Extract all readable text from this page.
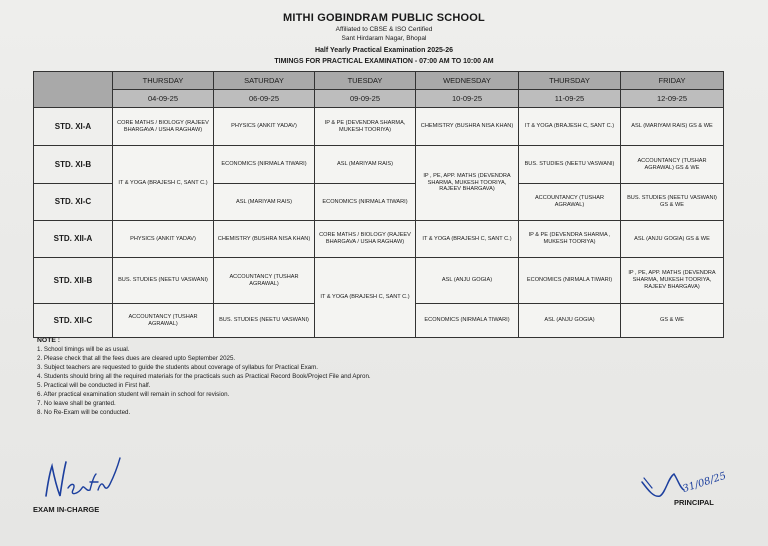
MITHI GOBINDRAM PUBLIC SCHOOL
Affiliated to CBSE & ISO Certified
Sant Hirdaram Nagar, Bhopal
Half Yearly Practical Examination 2025-26
TIMINGS FOR PRACTICAL EXAMINATION - 07:00 AM TO 10:00 AM
	THURSDAY	SATURDAY	TUESDAY	WEDNESDAY	THURSDAY	FRIDAY
	04-09-25	06-09-25	09-09-25	10-09-25	11-09-25	12-09-25
STD. XI-A	CORE MATHS / BIOLOGY (RAJEEV BHARGAVA / USHA RAGHAW)	PHYSICS (ANKIT YADAV)	IP & PE (DEVENDRA SHARMA, MUKESH TOORIYA)	CHEMISTRY (BUSHRA NISA KHAN)	IT & YOGA (BRAJESH C, SANT C.)	ASL (MARIYAM RAIS) GS & WE
STD. XI-B	IT & YOGA (BRAJESH C, SANT C.)	ECONOMICS (NIRMALA TIWARI)	ASL (MARIYAM RAIS)	IP , PE, APP. MATHS (DEVENDRA SHARMA, MUKESH TOORIYA, RAJEEV BHARGAVA)	BUS. STUDIES (NEETU VASWANI)	ACCOUNTANCY (TUSHAR AGRAWAL) GS & WE
STD. XI-C		ASL (MARIYAM RAIS)	ECONOMICS (NIRMALA TIWARI)		ACCOUNTANCY (TUSHAR AGRAWAL)	BUS. STUDIES (NEETU VASWANI) GS & WE
STD. XII-A	PHYSICS (ANKIT YADAV)	CHEMISTRY (BUSHRA NISA KHAN)	CORE MATHS / BIOLOGY (RAJEEV BHARGAVA / USHA RAGHAW)	IT & YOGA (BRAJESH C, SANT C.)	IP & PE (DEVENDRA SHARMA , MUKESH TOORIYA)	ASL (ANJU GOGIA) GS & WE
STD. XII-B	BUS. STUDIES (NEETU VASWANI)	ACCOUNTANCY (TUSHAR AGRAWAL)	IT & YOGA (BRAJESH C, SANT C.)	ASL (ANJU GOGIA)	ECONOMICS (NIRMALA TIWARI)	IP , PE, APP. MATHS (DEVENDRA SHARMA, MUKESH TOORIYA, RAJEEV BHARGAVA)
STD. XII-C	ACCOUNTANCY (TUSHAR AGRAWAL)	BUS. STUDIES (NEETU VASWANI)		ECONOMICS (NIRMALA TIWARI)	ASL (ANJU GOGIA)	GS & WE
NOTE :
1. School timings will be as usual.
2. Please check that all the fees dues are cleared upto September 2025.
3. Subject teachers are requested to guide the students about coverage of syllabus for Practical Exam.
4. Students should bring all the required materials for the practicals such as Practical Record Book/Project File and Apron.
5. Practical will be conducted in First half.
6. After practical examination student will remain in school for revision.
7. No leave shall be granted.
8. No Re-Exam will be conducted.
31/08/25
EXAM IN-CHARGE
PRINCIPAL
